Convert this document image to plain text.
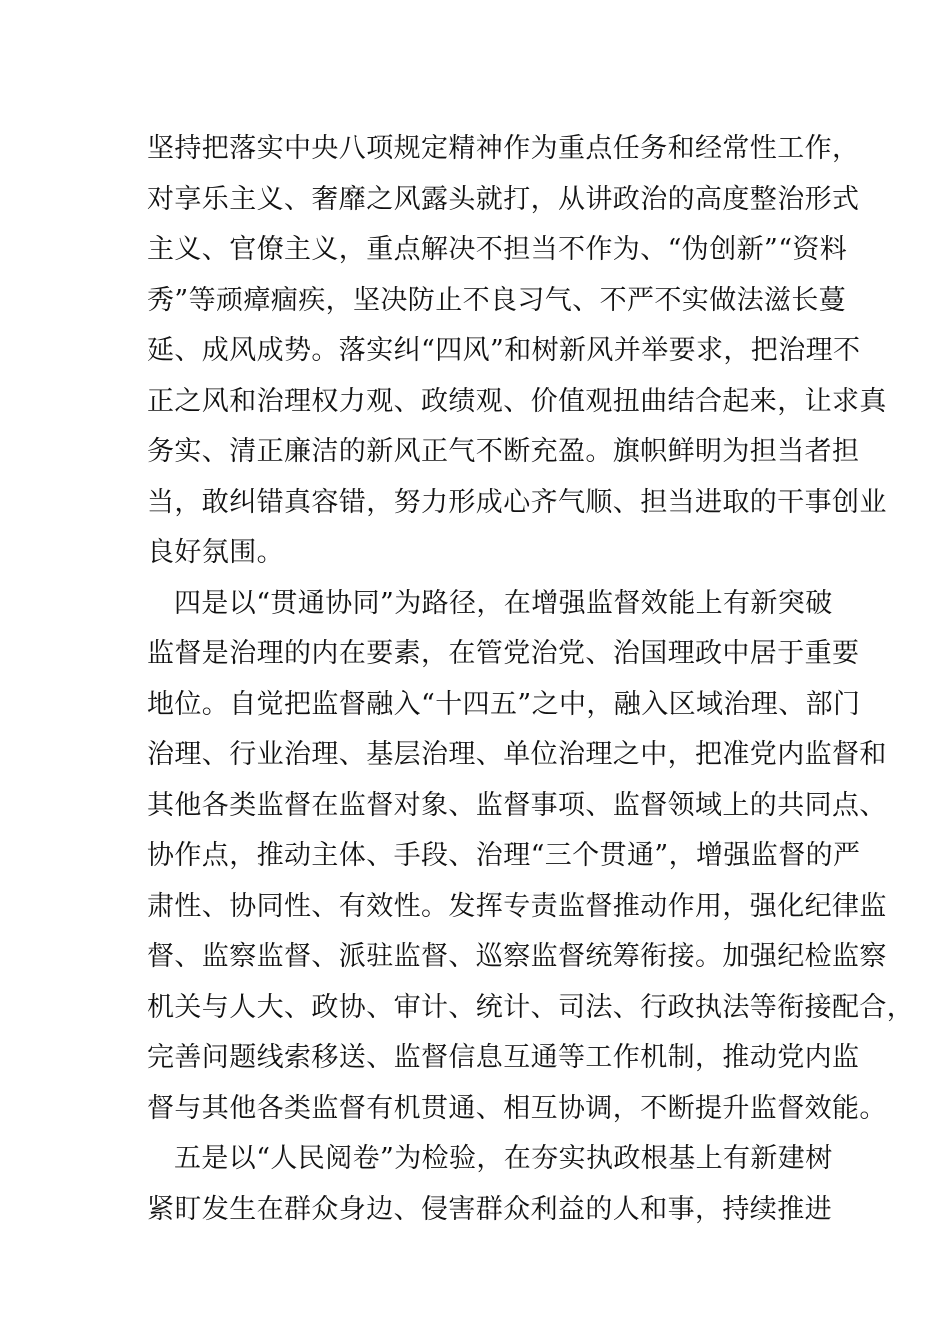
坚持把落实中央八项规定精神作为重点任务和经常性工作，
对享乐主义、奢靡之风露头就打，从讲政治的高度整治形式
主义、官僚主义，重点解决不担当不作为、“伪创新”“资料
秀”等顽瘴痼疾，坚决防止不良习气、不严不实做法滋长蔓
延、成风成势。落实纠“四风”和树新风并举要求，把治理不
正之风和治理权力观、政绩观、价值观扭曲结合起来，让求真
务实、清正廉洁的新风正气不断充盈。旗帜鲜明为担当者担
当，敢纠错真容错，努力形成心齐气顺、担当进取的干事创业
良好氛围。
四是以“贯通协同”为路径，在增强监督效能上有新突破
监督是治理的内在要素，在管党治党、治国理政中居于重要
地位。自觉把监督融入“十四五”之中，融入区域治理、部门
治理、行业治理、基层治理、单位治理之中，把准党内监督和
其他各类监督在监督对象、监督事项、监督领域上的共同点、
协作点，推动主体、手段、治理“三个贯通”，增强监督的严
肃性、协同性、有效性。发挥专责监督推动作用，强化纪律监
督、监察监督、派驻监督、巡察监督统筹衔接。加强纪检监察
机关与人大、政协、审计、统计、司法、行政执法等衔接配合，
完善问题线索移送、监督信息互通等工作机制，推动党内监
督与其他各类监督有机贯通、相互协调，不断提升监督效能。
五是以“人民阅卷”为检验，在夯实执政根基上有新建树
紧盯发生在群众身边、侵害群众利益的人和事，持续推进
